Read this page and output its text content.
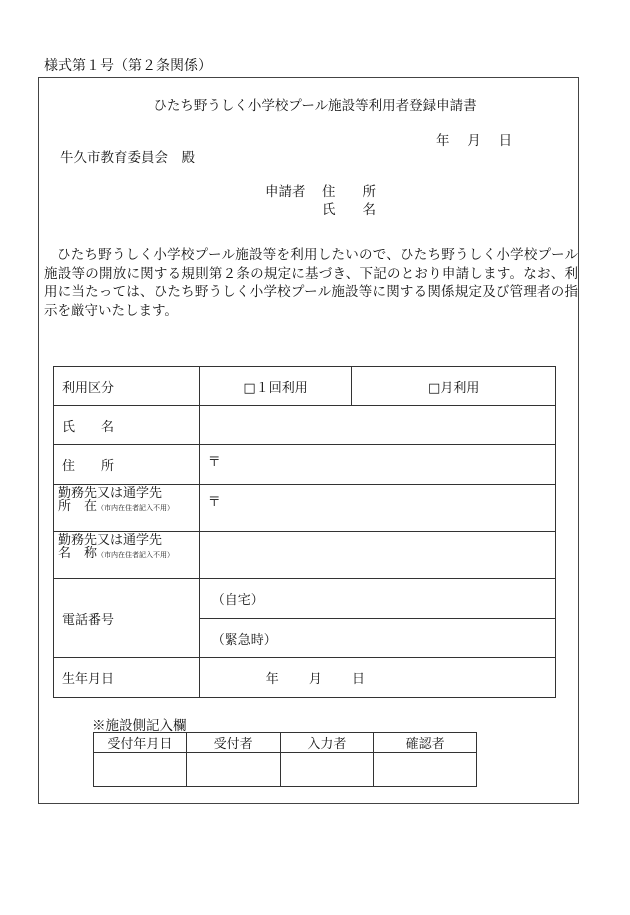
様式第１号（第２条関係）
ひたち野うしく小学校プール施設等利用者登録申請書
年　 月　 日
牛久市教育委員会　殿
申請者 住　　所
氏　　名

ひたち野うしく小学校プール施設等を利用したいので、ひたち野うしく小学校プール施設等の開放に関する規則第２条の規定に基づき、下記のとおり申請します。なお、利用に当たっては、ひたち野うしく小学校プール施設等に関する関係規定及び管理者の指示を厳守いたします。

利用区分	□１回利用	□月利用
氏　　名		
住　　所	〒	

勤務先又は通学先
所　在（市内在住者記入不用）	〒	

勤務先又は通学先
名　称（市内在住者記入不用）		

電話番号	（自宅）	
	（緊急時）	
生年月日	年　　 月　　 日	
※施設側記入欄
受付年月日	受付者	入力者	確認者
